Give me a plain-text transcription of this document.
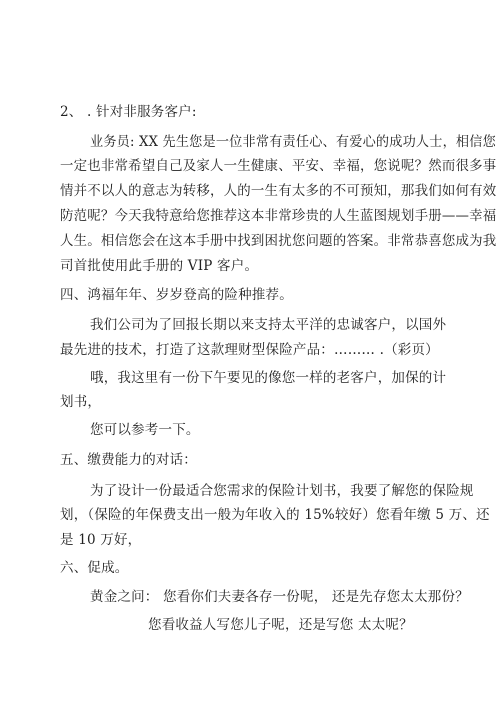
2、 . 针对非服务客户:
业务员: XX 先生您是一位非常有责任心、有爱心的成功人士，相信您
一定也非常希望自己及家人一生健康、平安、幸福，您说呢？然而很多事
情并不以人的意志为转移，人的一生有太多的不可预知，那我们如何有效
防范呢？今天我特意给您推荐这本非常珍贵的人生蓝图规划手册——幸福
人生。相信您会在这本手册中找到困扰您问题的答案。非常恭喜您成为我
司首批使用此手册的 VIP 客户。
四、鸿福年年、岁岁登高的险种推荐。
我们公司为了回报长期以来支持太平洋的忠诚客户，以国外
最先进的技术，打造了这款理财型保险产品：……… .（彩页）
哦，我这里有一份下午要见的像您一样的老客户，加保的计
划书，
您可以参考一下。
五、缴费能力的对话：
为了设计一份最适合您需求的保险计划书，我要了解您的保险规
划，（保险的年保费支出一般为年收入的 15%较好）您看年缴 5 万、还
是 10 万好，
六、促成。
黄金之问： 您看你们夫妻各存一份呢， 还是先存您太太那份？
您看收益人写您儿子呢，还是写您 太太呢？
